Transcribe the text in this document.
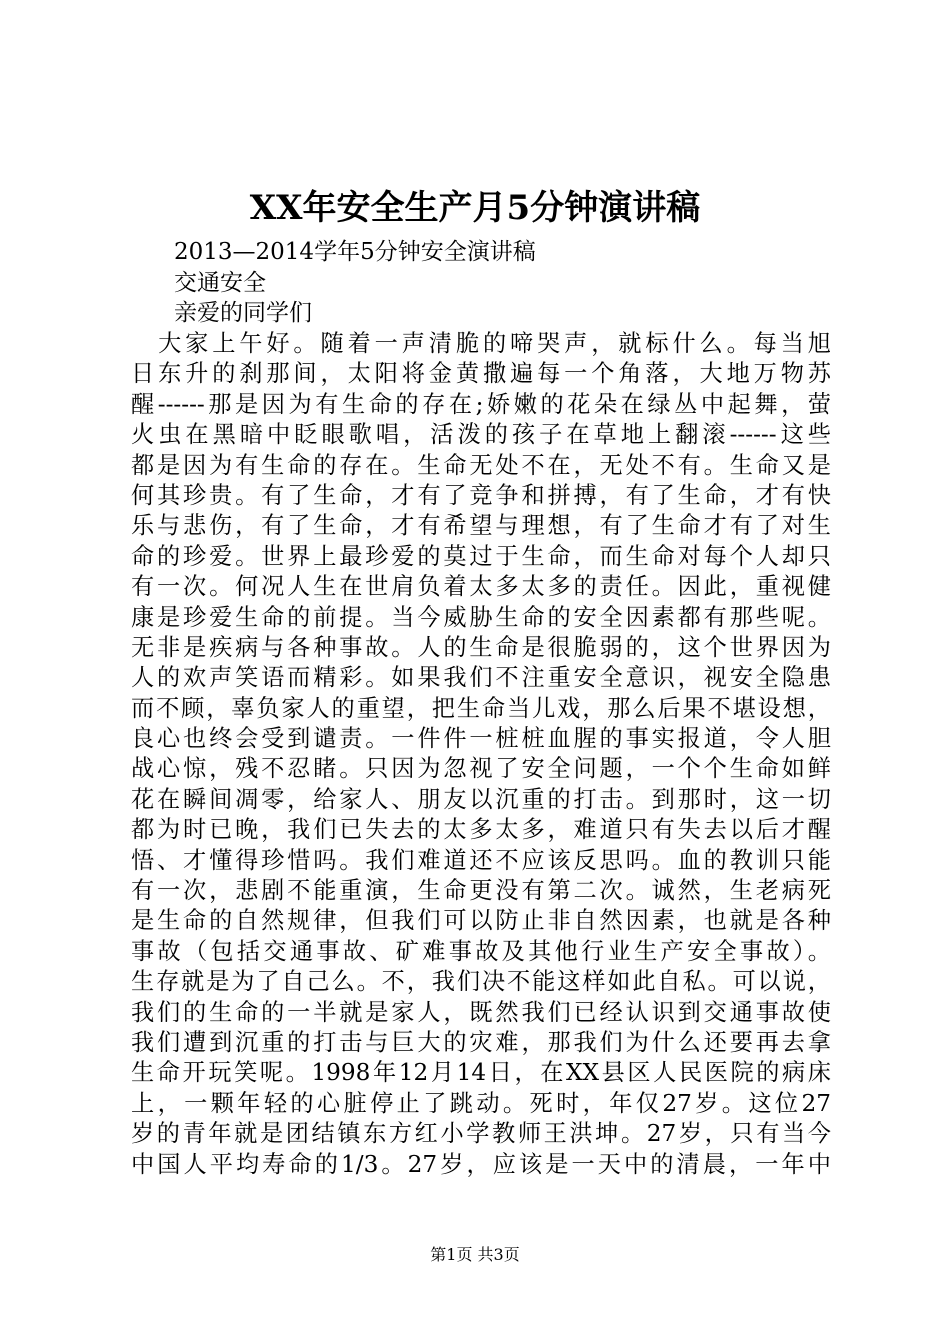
XX年安全生产月5分钟演讲稿
2013—2014学年5分钟安全演讲稿
交通安全
亲爱的同学们
　大家上午好。随着一声清脆的啼哭声，就标什么。每当旭
日东升的刹那间，太阳将金黄撒遍每一个角落，大地万物苏
醒------那是因为有生命的存在;娇嫩的花朵在绿丛中起舞，萤
火虫在黑暗中眨眼歌唱，活泼的孩子在草地上翻滚------这些
都是因为有生命的存在。生命无处不在，无处不有。生命又是
何其珍贵。有了生命，才有了竞争和拼搏，有了生命，才有快
乐与悲伤，有了生命，才有希望与理想，有了生命才有了对生
命的珍爱。世界上最珍爱的莫过于生命，而生命对每个人却只
有一次。何况人生在世肩负着太多太多的责任。因此，重视健
康是珍爱生命的前提。当今威胁生命的安全因素都有那些呢。
无非是疾病与各种事故。人的生命是很脆弱的，这个世界因为
人的欢声笑语而精彩。如果我们不注重安全意识，视安全隐患
而不顾，辜负家人的重望，把生命当儿戏，那么后果不堪设想，
良心也终会受到谴责。一件件一桩桩血腥的事实报道，令人胆
战心惊，残不忍睹。只因为忽视了安全问题，一个个生命如鲜
花在瞬间凋零，给家人、朋友以沉重的打击。到那时，这一切
都为时已晚，我们已失去的太多太多，难道只有失去以后才醒
悟、才懂得珍惜吗。我们难道还不应该反思吗。血的教训只能
有一次，悲剧不能重演，生命更没有第二次。诚然，生老病死
是生命的自然规律，但我们可以防止非自然因素，也就是各种
事故（包括交通事故、矿难事故及其他行业生产安全事故）。
生存就是为了自己么。不，我们决不能这样如此自私。可以说，
我们的生命的一半就是家人，既然我们已经认识到交通事故使
我们遭到沉重的打击与巨大的灾难，那我们为什么还要再去拿
生命开玩笑呢。1998年12月14日，在XX县区人民医院的病床
上，一颗年轻的心脏停止了跳动。死时，年仅27岁。这位27
岁的青年就是团结镇东方红小学教师王洪坤。27岁，只有当今
中国人平均寿命的1/3。27岁，应该是一天中的清晨，一年中
第1页 共3页
